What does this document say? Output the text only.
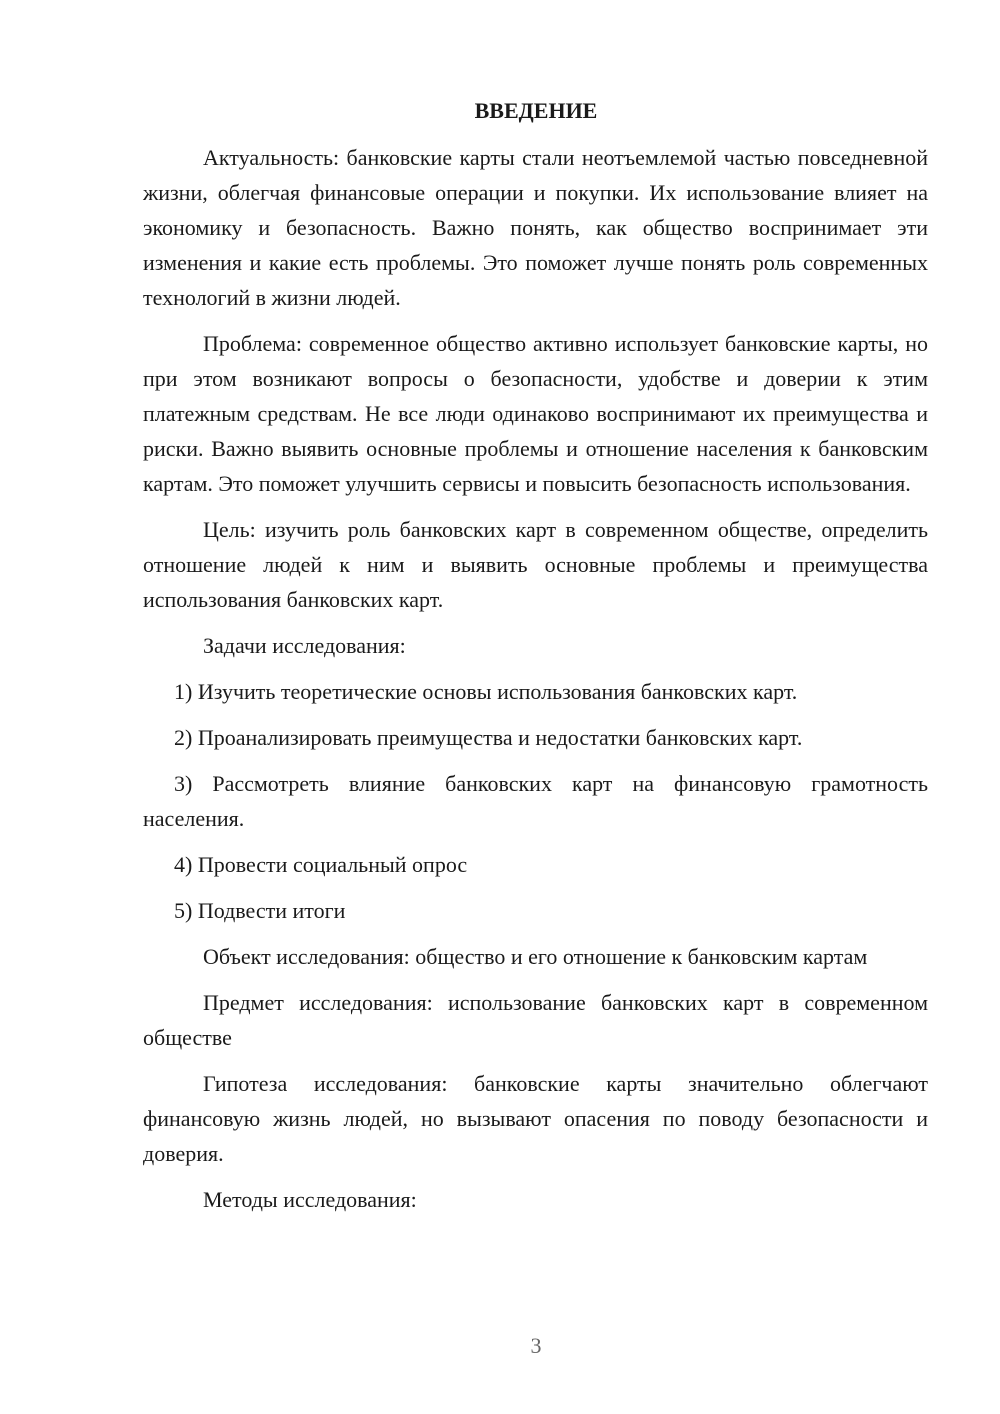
ВВЕДЕНИЕ

Актуальность: банковские карты стали неотъемлемой частью повседневной жизни, облегчая финансовые операции и покупки. Их использование влияет на экономику и безопасность. Важно понять, как общество воспринимает эти изменения и какие есть проблемы. Это поможет лучше понять роль современных технологий в жизни людей.

Проблема: современное общество активно использует банковские карты, но при этом возникают вопросы о безопасности, удобстве и доверии к этим платежным средствам. Не все люди одинаково воспринимают их преимущества и риски. Важно выявить основные проблемы и отношение населения к банковским картам. Это поможет улучшить сервисы и повысить безопасность использования.

Цель: изучить роль банковских карт в современном обществе, определить отношение людей к ним и выявить основные проблемы и преимущества использования банковских карт.

Задачи исследования:

1) Изучить теоретические основы использования банковских карт.

2) Проанализировать преимущества и недостатки банковских карт.

3) Рассмотреть влияние банковских карт на финансовую грамотность населения.

4) Провести социальный опрос

5) Подвести итоги

Объект исследования: общество и его отношение к банковским картам

Предмет исследования: использование банковских карт в современном обществе

Гипотеза исследования: банковские карты значительно облегчают финансовую жизнь людей, но вызывают опасения по поводу безопасности и доверия.

Методы исследования:

3
